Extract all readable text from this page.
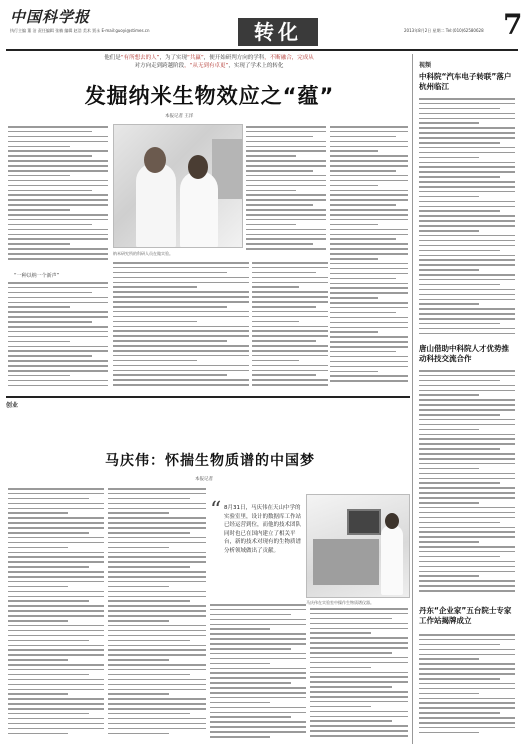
中国科学报
执行主编 董 洁 责任编辑 张楠 编辑 赵浩 美术 贾永 E-mail:guoyi@stimes.cn	转化	2013年8月2日 星期二 Tel:(010)62580628 7
他们是“有所想去的人”，为了实现“共赢”，便开始研判方向的学科，不断融合，完成从
对方向走到跨越阶段，“从无到有卓更”，实现了学术上的转化
发掘纳米生物效应之“蕴”
本报记者 王洋
“一种以纳一个新声”
纳米研究所的科研人员在做实验。
视频
中科院“汽车电子转联”落户杭州临江
唐山借助中科院人才优势推动科技交流合作
丹东“企业家”五台院士专家工作站揭牌成立
创业
马庆伟：怀揣生物质谱的中国梦
本报记者
“ 8月31日，马庆伟在天山中学的实验室里，设计的数据库工作站已经运营到位，而他的技术团队同时也已在国内建立了相关平台，新的技术对现有的生物质谱分析领域做出了贡献。
马庆伟在实验室中操作生物质谱仪器。
